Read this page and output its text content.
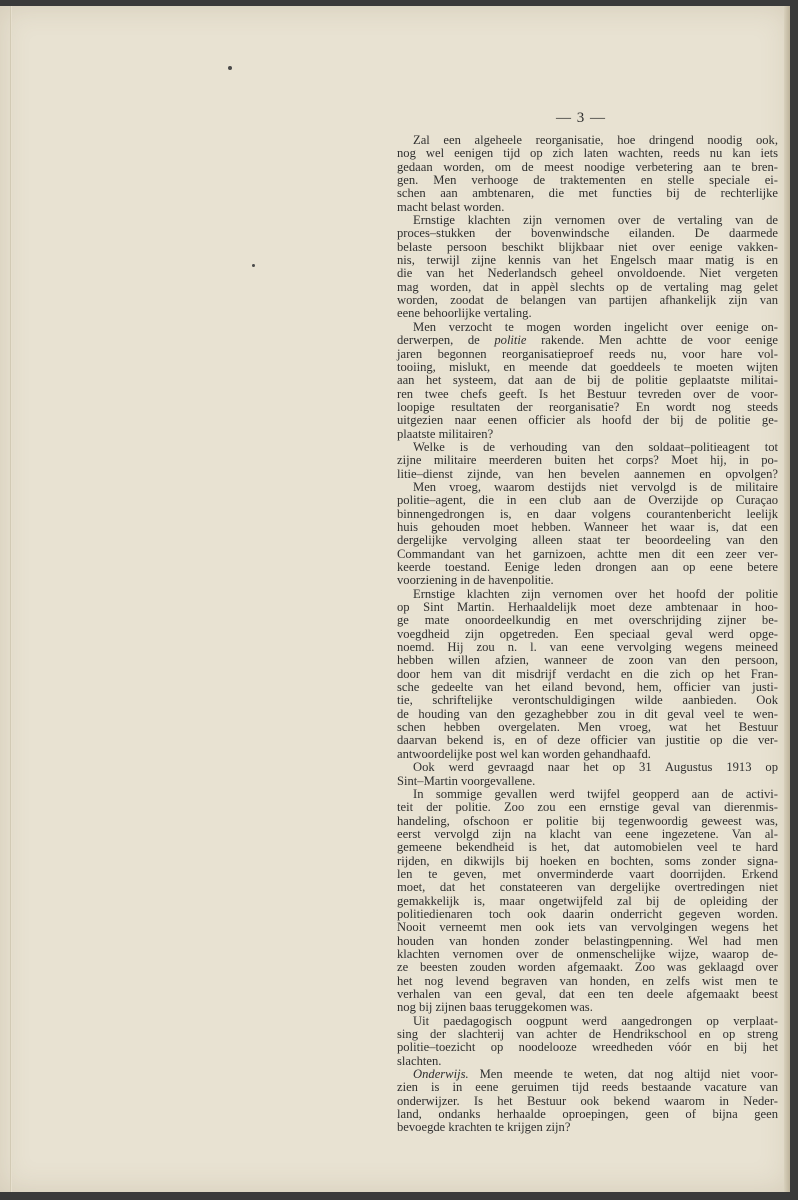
— 3 —
Zal een algeheele reorganisatie, hoe dringend noodig ook,
nog wel eenigen tijd op zich laten wachten, reeds nu kan iets
gedaan worden, om de meest noodige verbetering aan te bren-
gen. Men verhooge de traktementen en stelle speciale ei-
schen aan ambtenaren, die met functies bij de rechterlijke
macht belast worden.
Ernstige klachten zijn vernomen over de vertaling van de
proces–stukken der bovenwindsche eilanden. De daarmede
belaste persoon beschikt blijkbaar niet over eenige vakken-
nis, terwijl zijne kennis van het Engelsch maar matig is en
die van het Nederlandsch geheel onvoldoende. Niet vergeten
mag worden, dat in appèl slechts op de vertaling mag gelet
worden, zoodat de belangen van partijen afhankelijk zijn van
eene behoorlijke vertaling.
Men verzocht te mogen worden ingelicht over eenige on-
derwerpen, de politie rakende. Men achtte de voor eenige
jaren begonnen reorganisatieproef reeds nu, voor hare vol-
tooiing, mislukt, en meende dat goeddeels te moeten wijten
aan het systeem, dat aan de bij de politie geplaatste militai-
ren twee chefs geeft. Is het Bestuur tevreden over de voor-
loopige resultaten der reorganisatie? En wordt nog steeds
uitgezien naar eenen officier als hoofd der bij de politie ge-
plaatste militairen?
Welke is de verhouding van den soldaat–politieagent tot
zijne militaire meerderen buiten het corps? Moet hij, in po-
litie–dienst zijnde, van hen bevelen aannemen en opvolgen?
Men vroeg, waarom destijds niet vervolgd is de militaire
politie–agent, die in een club aan de Overzijde op Curaçao
binnengedrongen is, en daar volgens courantenbericht leelijk
huis gehouden moet hebben. Wanneer het waar is, dat een
dergelijke vervolging alleen staat ter beoordeeling van den
Commandant van het garnizoen, achtte men dit een zeer ver-
keerde toestand. Eenige leden drongen aan op eene betere
voorziening in de havenpolitie.
Ernstige klachten zijn vernomen over het hoofd der politie
op Sint Martin. Herhaaldelijk moet deze ambtenaar in hoo-
ge mate onoordeelkundig en met overschrijding zijner be-
voegdheid zijn opgetreden. Een speciaal geval werd opge-
noemd. Hij zou n. l. van eene vervolging wegens meineed
hebben willen afzien, wanneer de zoon van den persoon,
door hem van dit misdrijf verdacht en die zich op het Fran-
sche gedeelte van het eiland bevond, hem, officier van justi-
tie, schriftelijke verontschuldigingen wilde aanbieden. Ook
de houding van den gezaghebber zou in dit geval veel te wen-
schen hebben overgelaten. Men vroeg, wat het Bestuur
daarvan bekend is, en of deze officier van justitie op die ver-
antwoordelijke post wel kan worden gehandhaafd.
Ook werd gevraagd naar het op 31 Augustus 1913 op
Sint–Martin voorgevallene.
In sommige gevallen werd twijfel geopperd aan de activi-
teit der politie. Zoo zou een ernstige geval van dierenmis-
handeling, ofschoon er politie bij tegenwoordig geweest was,
eerst vervolgd zijn na klacht van eene ingezetene. Van al-
gemeene bekendheid is het, dat automobielen veel te hard
rijden, en dikwijls bij hoeken en bochten, soms zonder signa-
len te geven, met onverminderde vaart doorrijden. Erkend
moet, dat het constateeren van dergelijke overtredingen niet
gemakkelijk is, maar ongetwijfeld zal bij de opleiding der
politiedienaren toch ook daarin onderricht gegeven worden.
Nooit verneemt men ook iets van vervolgingen wegens het
houden van honden zonder belastingpenning. Wel had men
klachten vernomen over de onmenschelijke wijze, waarop de-
ze beesten zouden worden afgemaakt. Zoo was geklaagd over
het nog levend begraven van honden, en zelfs wist men te
verhalen van een geval, dat een ten deele afgemaakt beest
nog bij zijnen baas teruggekomen was.
Uit paedagogisch oogpunt werd aangedrongen op verplaat-
sing der slachterij van achter de Hendrikschool en op streng
politie–toezicht op noodelooze wreedheden vóór en bij het
slachten.
Onderwijs. Men meende te weten, dat nog altijd niet voor-
zien is in eene geruimen tijd reeds bestaande vacature van
onderwijzer. Is het Bestuur ook bekend waarom in Neder-
land, ondanks herhaalde oproepingen, geen of bijna geen
bevoegde krachten te krijgen zijn?
